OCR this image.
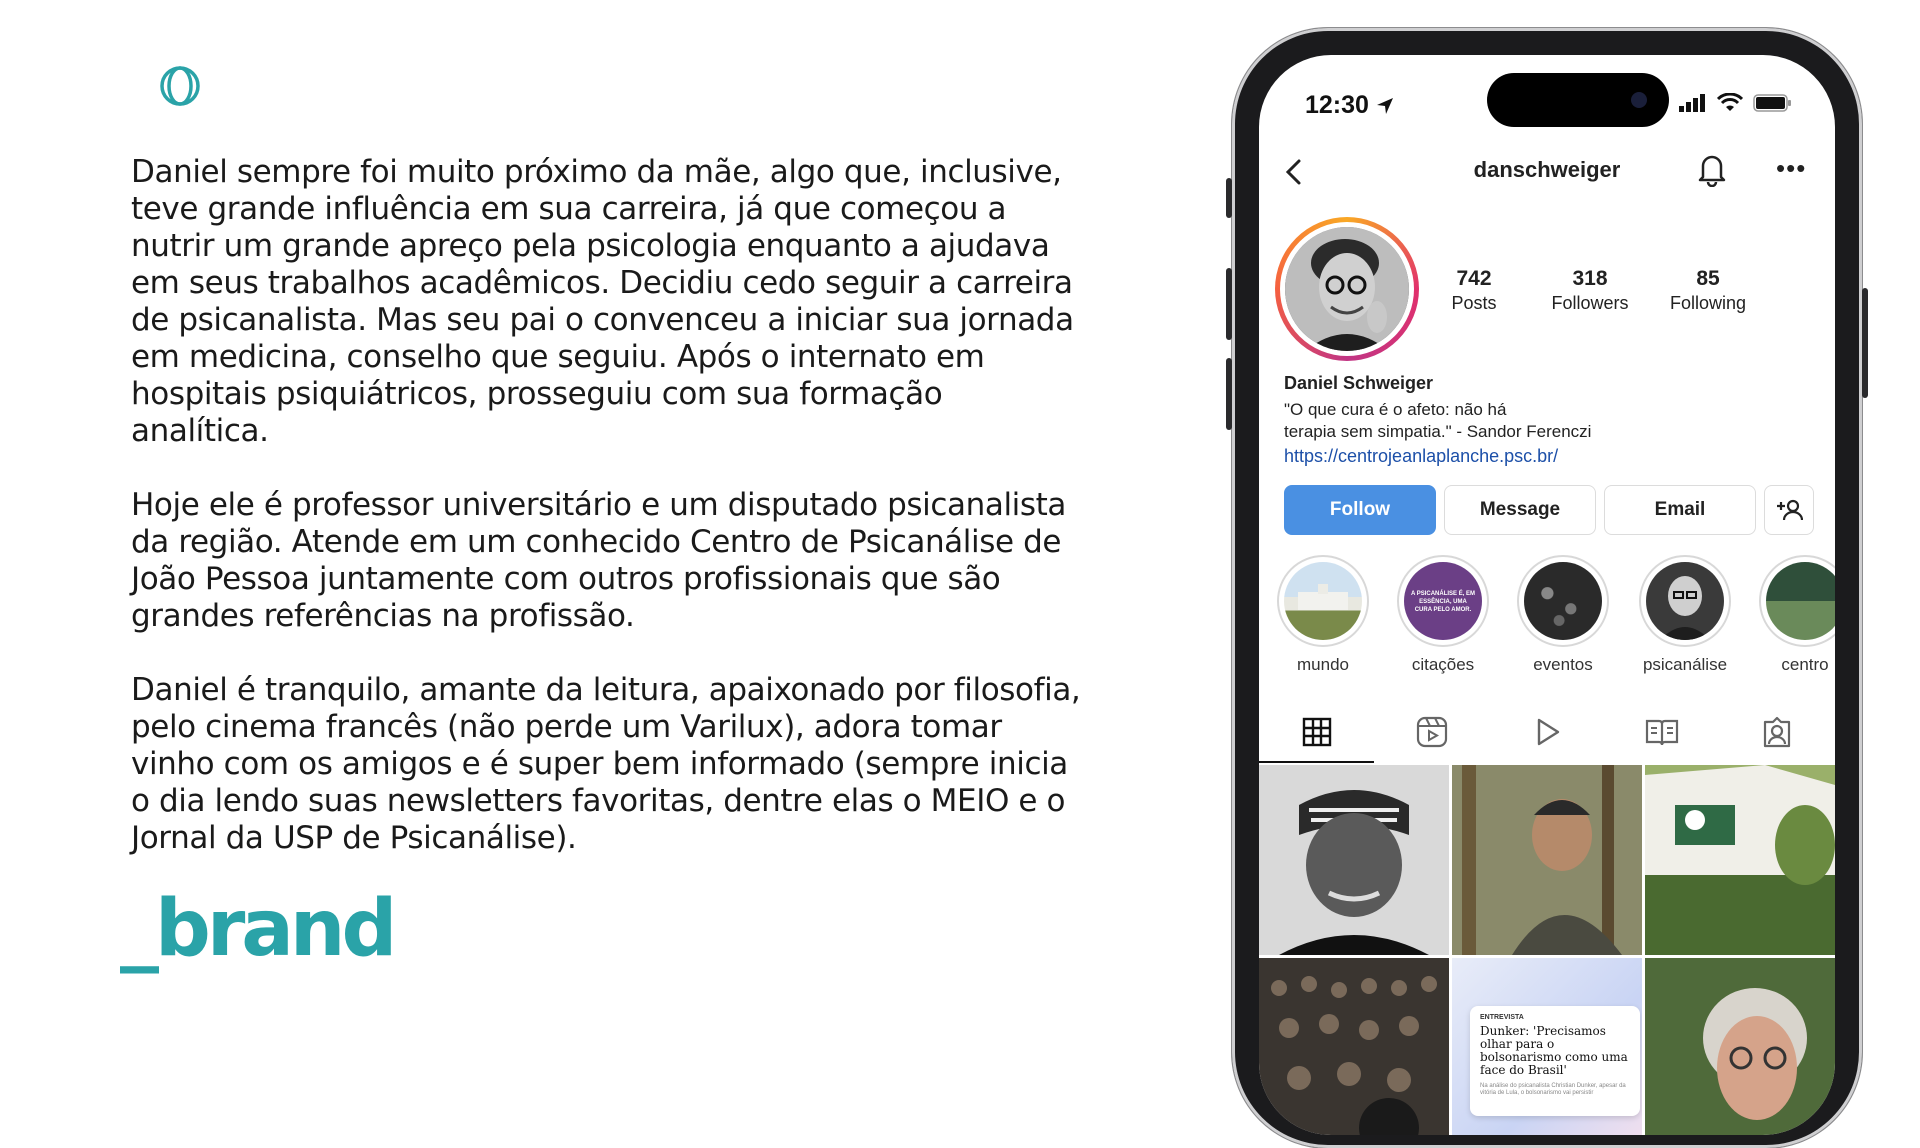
Daniel sempre foi muito próximo da mãe, algo que, inclusive, teve grande influência em sua carreira, já que começou a nutrir um grande apreço pela psicologia enquanto a ajudava em seus trabalhos acadêmicos. Decidiu cedo seguir a carreira de psicanalista. Mas seu pai o convenceu a iniciar sua jornada em medicina, conselho que seguiu. Após o internato em hospitais psiquiátricos, prosseguiu com sua formação analítica.

Hoje ele é professor universitário e um disputado psicanalista da região. Atende em um conhecido Centro de Psicanálise de João Pessoa juntamente com outros profissionais que são grandes referências na profissão.

Daniel é tranquilo, amante da leitura, apaixonado por filosofia, pelo cinema francês (não perde um Varilux), adora tomar vinho com os amigos e é super bem informado (sempre inicia o dia lendo suas newsletters favoritas, dentre elas o MEIO e o Jornal da USP de Psicanálise).

_brand
12:30
danschweiger	•••
742
Posts
318
Followers
85
Following
Daniel Schweiger
"O que cura é o afeto: não há
terapia sem simpatia." - Sandor Ferenczi
https://centrojeanlaplanche.psc.br/
Follow	Message	Email
mundo
A PSICANÁLISE É, EM ESSÊNCIA, UMA CURA PELO AMOR.
citações	eventos	psicanálise	centro
ENTREVISTA
Dunker: 'Precisamos olhar para o bolsonarismo como uma face do Brasil'
Na análise do psicanalista Christian Dunker, apesar da vitória de Lula, o bolsonarismo vai persistir
